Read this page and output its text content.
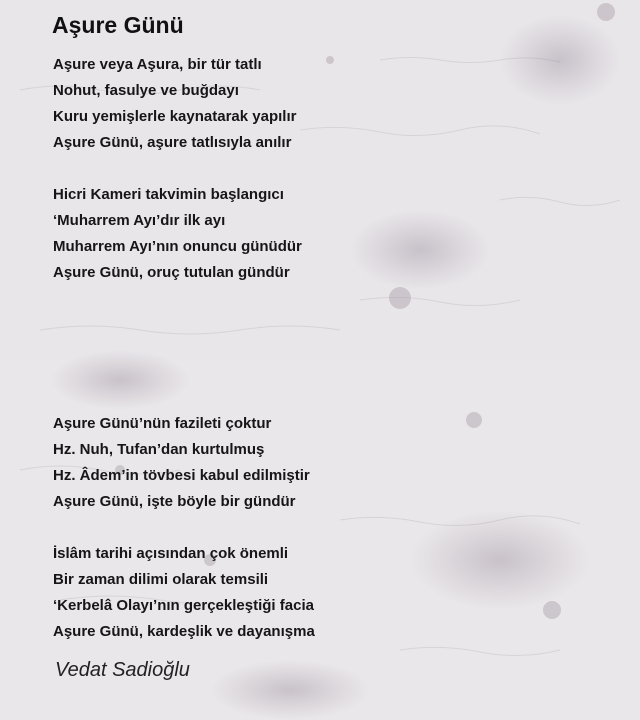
Aşure Günü
Aşure veya Aşura, bir tür tatlı
Nohut, fasulye ve buğdayı
Kuru yemişlerle kaynatarak yapılır
Aşure Günü, aşure tatlısıyla anılır
Hicri Kameri takvimin başlangıcı
‘Muharrem Ayı’dır ilk ayı
Muharrem Ayı’nın onuncu günüdür
Aşure Günü, oruç tutulan gündür
Aşure Günü’nün fazileti çoktur
Hz. Nuh, Tufan’dan kurtulmuş
Hz. Âdem’in tövbesi kabul edilmiştir
Aşure Günü, işte böyle bir gündür
İslâm tarihi açısından çok önemli
Bir zaman dilimi olarak temsili
‘Kerbelâ Olayı’nın gerçekleştiği facia
Aşure Günü, kardeşlik ve dayanışma
Vedat Sadioğlu
